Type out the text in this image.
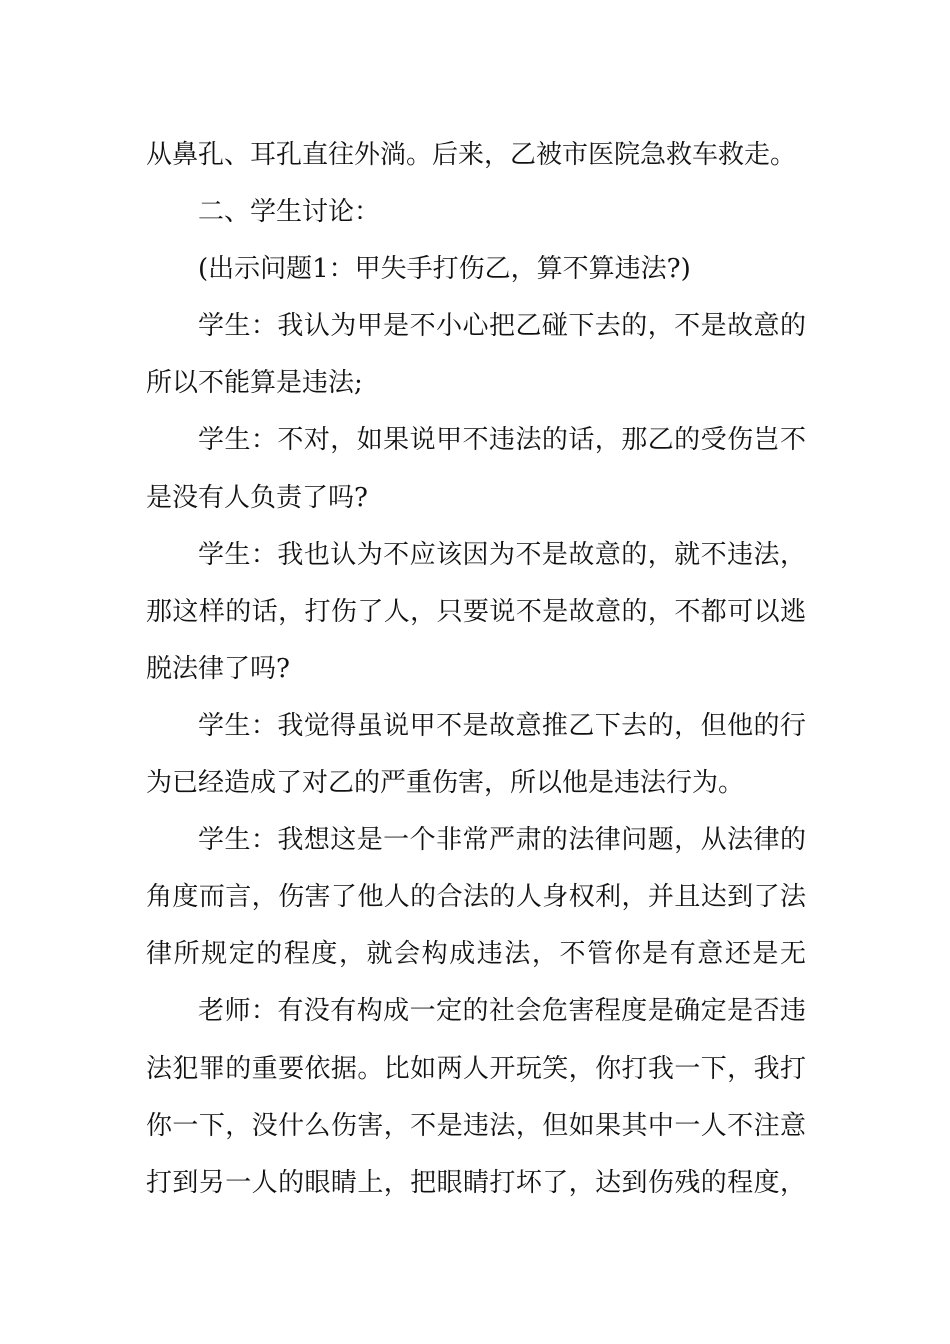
从鼻孔、耳孔直往外淌。后来，乙被市医院急救车救走。
二、学生讨论：
(出示问题1：甲失手打伤乙，算不算违法?)
学生：我认为甲是不小心把乙碰下去的，不是故意的
所以不能算是违法;
学生：不对，如果说甲不违法的话，那乙的受伤岂不
是没有人负责了吗?
学生：我也认为不应该因为不是故意的，就不违法，
那这样的话，打伤了人，只要说不是故意的，不都可以逃
脱法律了吗?
学生：我觉得虽说甲不是故意推乙下去的，但他的行
为已经造成了对乙的严重伤害，所以他是违法行为。
学生：我想这是一个非常严肃的法律问题，从法律的
角度而言，伤害了他人的合法的人身权利，并且达到了法
律所规定的程度，就会构成违法，不管你是有意还是无
老师：有没有构成一定的社会危害程度是确定是否违
法犯罪的重要依据。比如两人开玩笑，你打我一下，我打
你一下，没什么伤害，不是违法，但如果其中一人不注意
打到另一人的眼睛上，把眼睛打坏了，达到伤残的程度，
